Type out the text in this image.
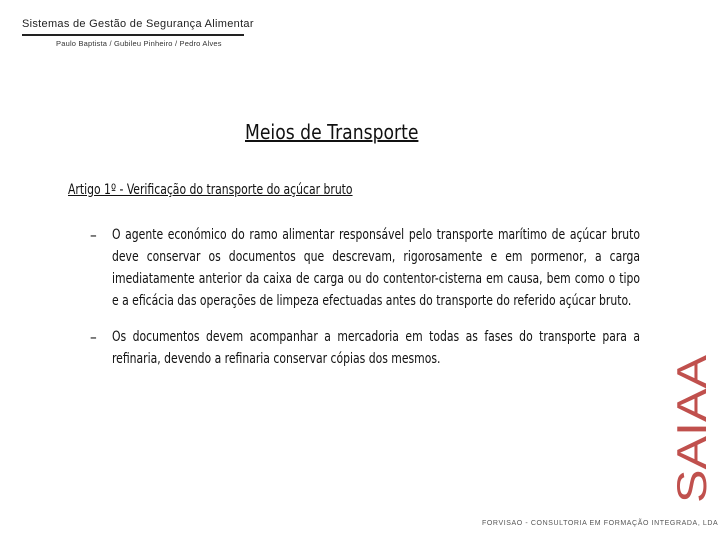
Sistemas de Gestão de Segurança Alimentar
Paulo Baptista / Gubileu Pinheiro / Pedro Alves
Meios de Transporte
Artigo 1º - Verificação do transporte do açúcar bruto
– O agente económico do ramo alimentar responsável pelo transporte marítimo de açúcar bruto deve conservar os documentos que descrevam, rigorosamente e em pormenor, a carga imediatamente anterior da caixa de carga ou do contentor-cisterna em causa, bem como o tipo e a eficácia das operações de limpeza efectuadas antes do transporte do referido açúcar bruto.
– Os documentos devem acompanhar a mercadoria em todas as fases do transporte para a refinaria, devendo a refinaria conservar cópias dos mesmos.
SAIAA
FORVISAO - CONSULTORIA EM FORMAÇÃO INTEGRADA, LDA
